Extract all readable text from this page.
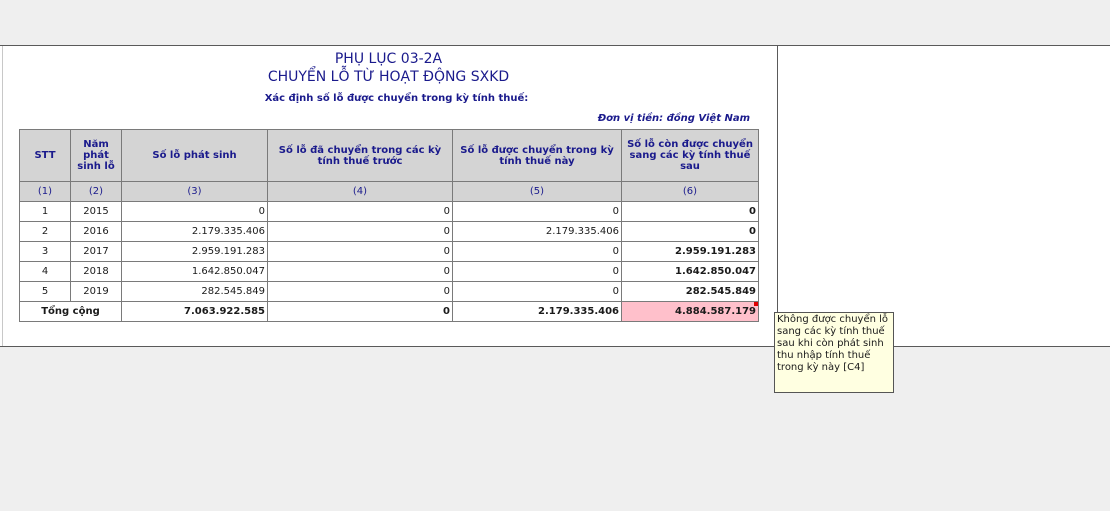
PHỤ LỤC 03-2A
CHUYỂN LỖ TỪ HOẠT ĐỘNG SXKD
Xác định số lỗ được chuyển trong kỳ tính thuế:
Đơn vị tiền: đồng Việt Nam
STT	Năm phát sinh lỗ	Số lỗ phát sinh	Số lỗ đã chuyển trong các kỳ tính thuế trước	Số lỗ được chuyển trong kỳ tính thuế này	Số lỗ còn được chuyển sang các kỳ tính thuế sau
(1)	(2)	(3)	(4)	(5)	(6)
1	2015	0	0	0	0
2	2016	2.179.335.406	0	2.179.335.406	0
3	2017	2.959.191.283	0	0	2.959.191.283
4	2018	1.642.850.047	0	0	1.642.850.047
5	2019	282.545.849	0	0	282.545.849
Tổng cộng		7.063.922.585	0	2.179.335.406	4.884.587.179
Không được chuyển lỗ sang các kỳ tính thuế sau khi còn phát sinh thu nhập tính thuế trong kỳ này [C4]
